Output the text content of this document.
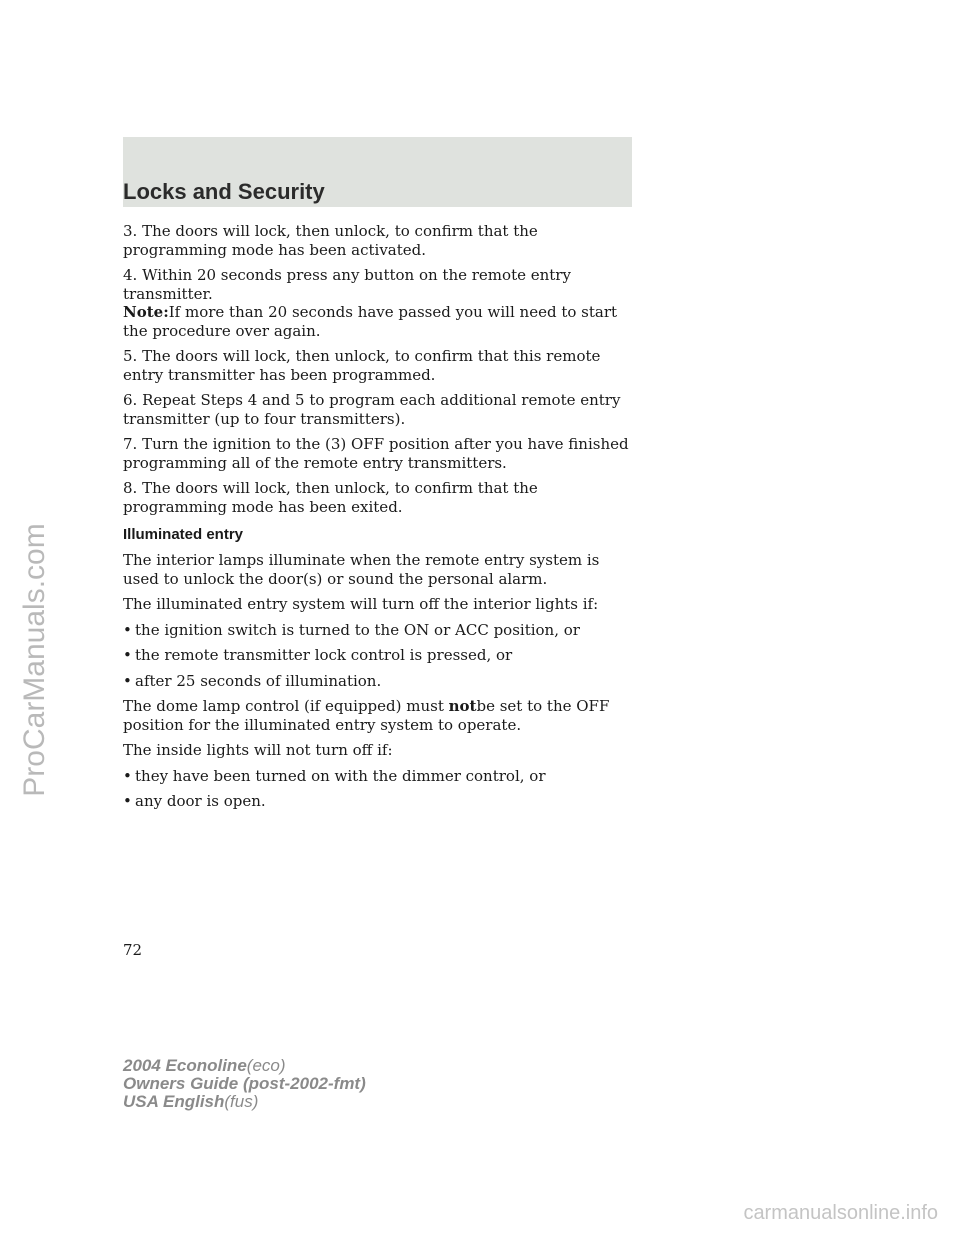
Locks and Security

3. The doors will lock, then unlock, to confirm that the programming mode has been activated.

4. Within 20 seconds press any button on the remote entry transmitter.
Note:If more than 20 seconds have passed you will need to start the procedure over again.

5. The doors will lock, then unlock, to confirm that this remote entry transmitter has been programmed.

6. Repeat Steps 4 and 5 to program each additional remote entry transmitter (up to four transmitters).

7. Turn the ignition to the (3) OFF position after you have finished programming all of the remote entry transmitters.

8. The doors will lock, then unlock, to confirm that the programming mode has been exited.

Illuminated entry

The interior lamps illuminate when the remote entry system is used to unlock the door(s) or sound the personal alarm.

The illuminated entry system will turn off the interior lights if:

• the ignition switch is turned to the ON or ACC position, or
• the remote transmitter lock control is pressed, or
• after 25 seconds of illumination.

The dome lamp control (if equipped) must notbe set to the OFF position for the illuminated entry system to operate.

The inside lights will not turn off if:

• they have been turned on with the dimmer control, or
• any door is open.
72
2004 Econoline(eco)
Owners Guide (post-2002-fmt)
USA English(fus)
ProCarManuals.com
carmanualsonline.info
